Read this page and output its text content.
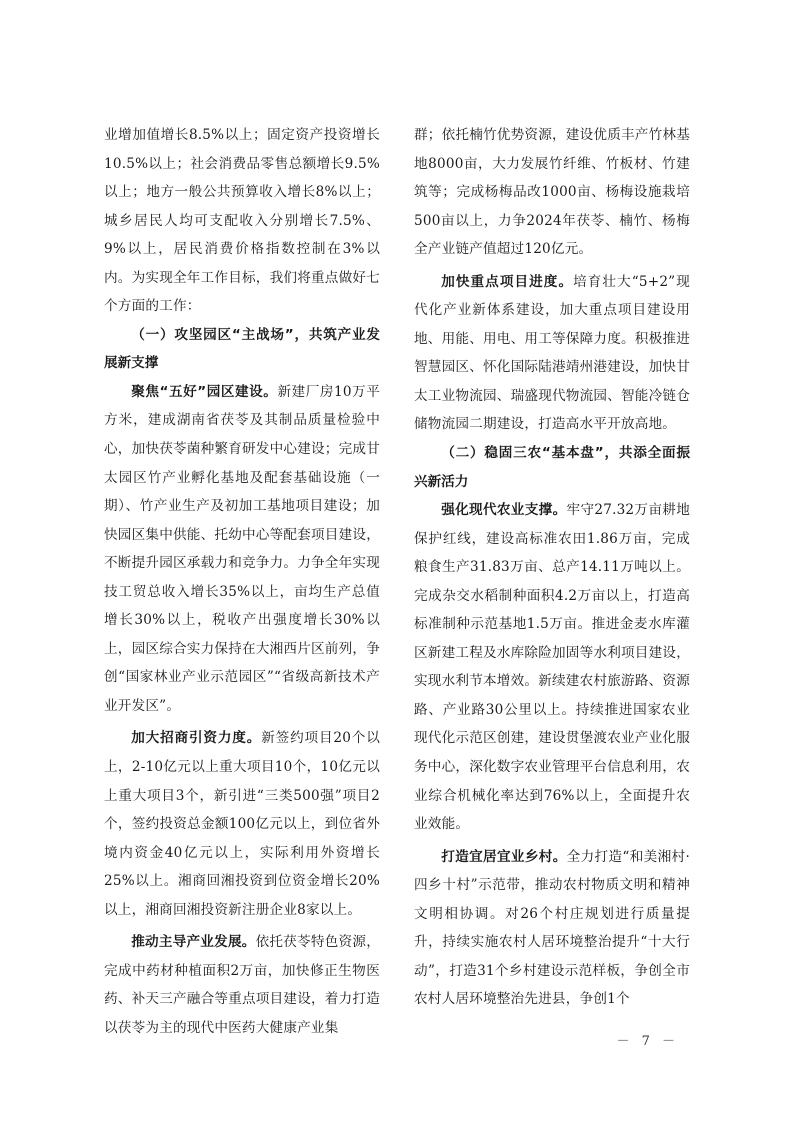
业增加值增长8.5%以上；固定资产投资增长10.5%以上；社会消费品零售总额增长9.5%以上；地方一般公共预算收入增长8%以上；城乡居民人均可支配收入分别增长7.5%、9%以上，居民消费价格指数控制在3%以内。为实现全年工作目标，我们将重点做好七个方面的工作：

（一）攻坚园区“主战场”，共筑产业发展新支撑

聚焦“五好”园区建设。新建厂房10万平方米，建成湖南省茯苓及其制品质量检验中心，加快茯苓菌种繁育研发中心建设；完成甘太园区竹产业孵化基地及配套基础设施（一期）、竹产业生产及初加工基地项目建设；加快园区集中供能、托幼中心等配套项目建设，不断提升园区承载力和竞争力。力争全年实现技工贸总收入增长35%以上，亩均生产总值增长30%以上，税收产出强度增长30%以上，园区综合实力保持在大湘西片区前列，争创“国家林业产业示范园区”“省级高新技术产业开发区”。

加大招商引资力度。新签约项目20个以上，2-10亿元以上重大项目10个，10亿元以上重大项目3个，新引进“三类500强”项目2个，签约投资总金额100亿元以上，到位省外境内资金40亿元以上，实际利用外资增长25%以上。湘商回湘投资到位资金增长20%以上，湘商回湘投资新注册企业8家以上。

推动主导产业发展。依托茯苓特色资源，完成中药材种植面积2万亩，加快修正生物医药、补天三产融合等重点项目建设，着力打造以茯苓为主的现代中医药大健康产业集

群；依托楠竹优势资源，建设优质丰产竹林基地8000亩，大力发展竹纤维、竹板材、竹建筑等；完成杨梅品改1000亩、杨梅设施栽培500亩以上，力争2024年茯苓、楠竹、杨梅全产业链产值超过120亿元。

加快重点项目进度。培育壮大“5+2”现代化产业新体系建设，加大重点项目建设用地、用能、用电、用工等保障力度。积极推进智慧园区、怀化国际陆港靖州港建设，加快甘太工业物流园、瑞盛现代物流园、智能冷链仓储物流园二期建设，打造高水平开放高地。

（二）稳固三农“基本盘”，共添全面振兴新活力

强化现代农业支撑。牢守27.32万亩耕地保护红线，建设高标准农田1.86万亩，完成粮食生产31.83万亩、总产14.11万吨以上。完成杂交水稻制种面积4.2万亩以上，打造高标准制种示范基地1.5万亩。推进金麦水库灌区新建工程及水库除险加固等水利项目建设，实现水利节本增效。新续建农村旅游路、资源路、产业路30公里以上。持续推进国家农业现代化示范区创建，建设贯堡渡农业产业化服务中心，深化数字农业管理平台信息利用，农业综合机械化率达到76%以上，全面提升农业效能。

打造宜居宜业乡村。全力打造“和美湘村·四乡十村”示范带，推动农村物质文明和精神文明相协调。对26个村庄规划进行质量提升，持续实施农村人居环境整治提升“十大行动”，打造31个乡村建设示范样板，争创全市农村人居环境整治先进县，争创1个

－ 7 －
